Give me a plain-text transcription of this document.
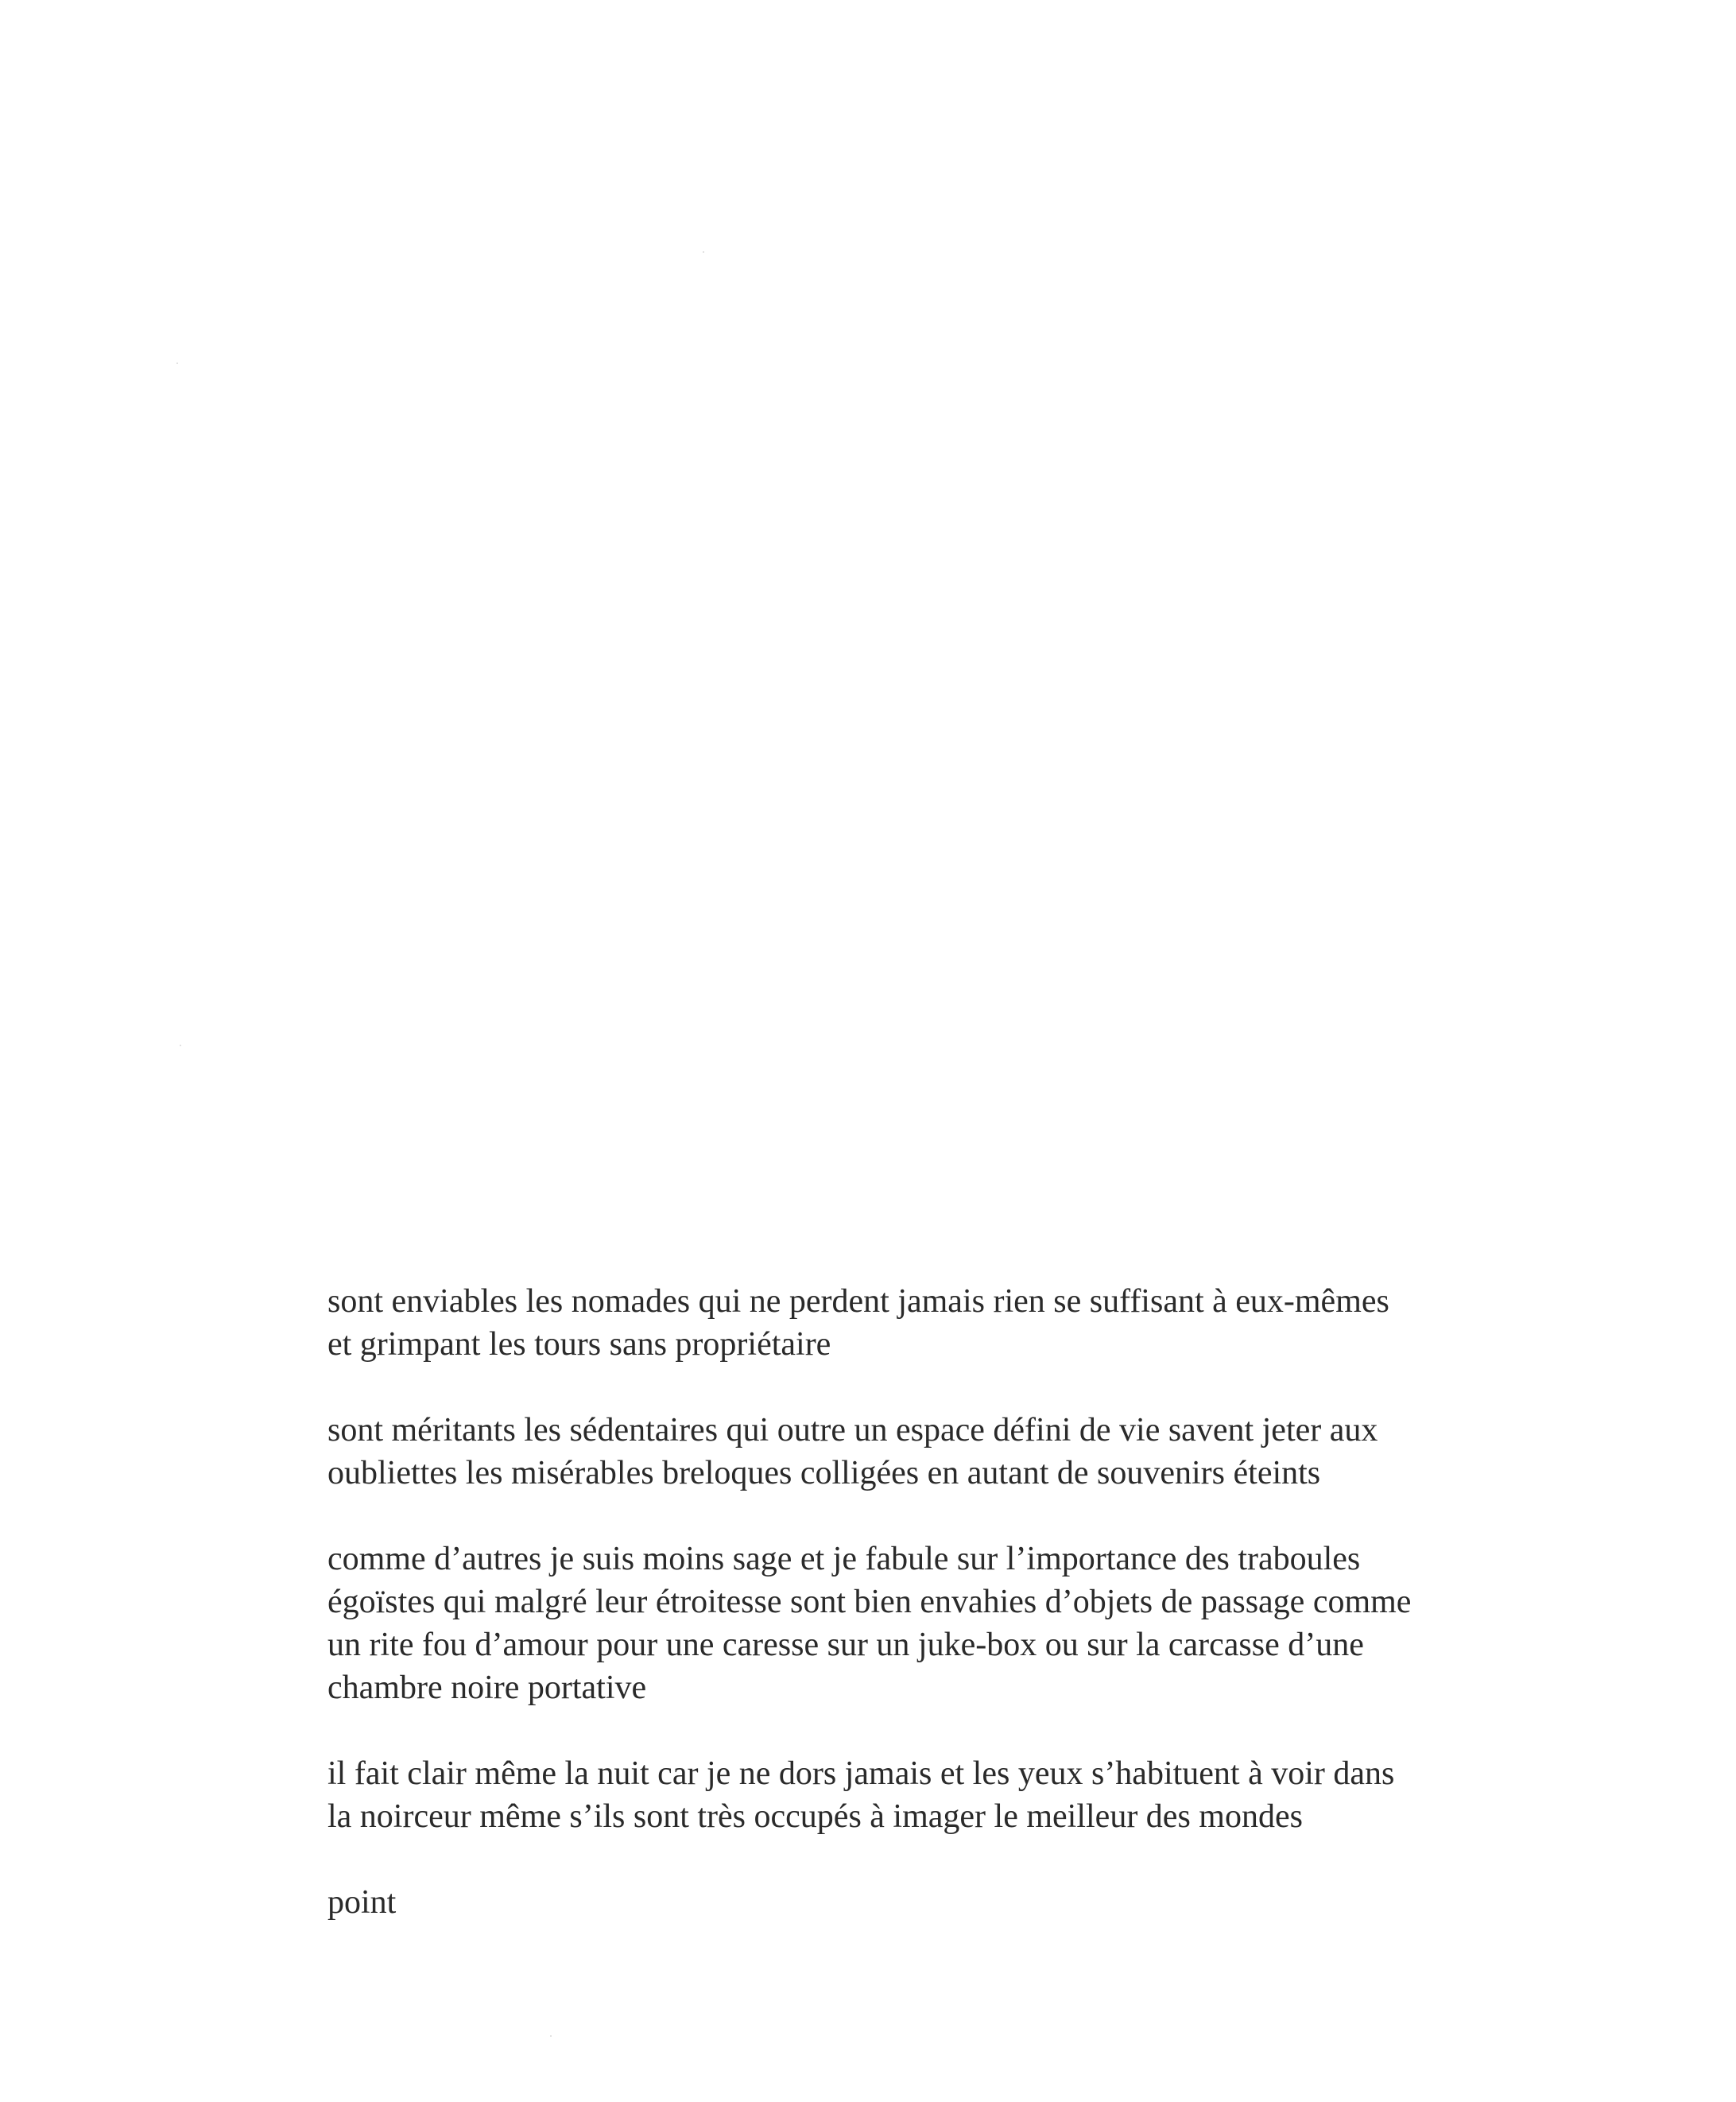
sont enviables les nomades qui ne perdent jamais rien se suffisant à eux-mêmes
et grimpant les tours sans propriétaire
sont méritants les sédentaires qui outre un espace défini de vie savent jeter aux
oubliettes les misérables breloques colligées en autant de souvenirs éteints
comme d’autres je suis moins sage et je fabule sur l’importance des traboules
égoïstes qui malgré leur étroitesse sont bien envahies d’objets de passage comme
un rite fou d’amour pour une caresse sur un juke-box ou sur la carcasse d’une
chambre noire portative
il fait clair même la nuit car je ne dors jamais et les yeux s’habituent à voir dans
la noirceur même s’ils sont très occupés à imager le meilleur des mondes
point
